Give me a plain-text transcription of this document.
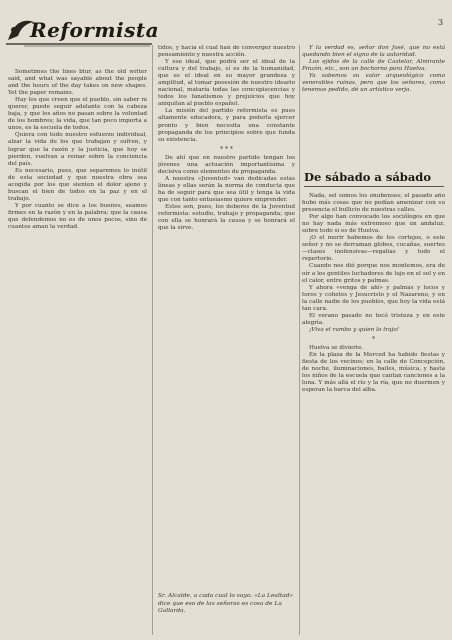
Reformista	3

Sometimes the lines blur, as the old writer said, and what was sayable about the people and the hours of the day takes on new shapes. Yet the paper remains.

Hay los que creen que el pueblo, sin saber ni querer, puede seguir adelante con la cabeza baja, y que los años no pasan sobre la voluntad de los hombres; la vida, que tan poco importa a unos, es la escuela de todos.

Quiera con todo nuestro esfuerzo individual, alzar la vida de los que trabajan y sufren, y lograr que la razón y la justicia, que hoy se pierden, vuelvan a reinar sobre la conciencia del país.

Es necesario, pues, que separemos lo inútil de esta sociedad y que nuestra obra sea acogida por los que sienten el dolor ajeno y buscan el bien de todos en la paz y en el trabajo.

Y por cuanto se dice a los buenos, seamos firmes en la razón y en la palabra; que la causa que defendemos no es de unos pocos, sino de cuantos aman la verdad.

tidos, y hacía el cual han de converger nuestro pensamiento y nuestra acción.

Y ese ideal, que podrá ser el ideal de la cultura y del trabajo, sí es de la humanidad, que es el ideal en su mayor grandeza y amplitud, al tomar posesión de nuestro ideario nacional, mataría todas las concupiscencias y todos los fanatismos y prejuicios que hoy aniquilan al pueblo español.

La misión del partido reformista es pues altamente educadora, y para poderla ejercer pronto y bien necesita una constante propaganda de los principios sobre que funda su existencia.

* * *

De ahí que en nuestro partido tengan los jóvenes una actuación importantísima y decisiva como elementos de propaganda.

A nuestra «Juventud» van dedicadas estas líneas y ellas serán la norma de conducta que ha de seguir para que sea útil y tenga la vida que con tanto entusiasmo quiere emprender.

Estos son, pues, los deberes de la Juventud reformista: estudio, trabajo y propaganda; que con ella se honrará la causa y se honrará el que la sirve.

Sr. Alcalde, a cada cual lo suyo. «La Lealtad» dice que eso de las señoras es cosa de La Gallarda.

Y la verdad es, señor don José, que no está quedando bien el signo de la autoridad.

Los ejidos de la calle de Castelar, Almirante Pinzón, etc., son un bochorno para Huelva.

Ya sabemos su valor arqueológico como venerables ruinas, pero que los señores, como tenemos pedido, dé un artístico verja.

De sábado a sábado

Nada, sel somos los onubenses; el pasado año hubo más cosas que no podían amenizar con su presencia el bullicio de nuestras calles.

Por algo han convocado los sociólogos en que no hay nada más extremoso que un andaluz, sobre todo si es de Huelva.

¡O el morir habemos de los cortejos, o este señor y no se derraman globos, cucañas, suertes—clases inofensivas—regalias y todo el repertorio.

Cuando nos dió porque nos montemos, era de oír a los gentiles luchadores de lujo en el sol y en el calor, entre gritos y palmas.

Y ahora «venga de ahí» y palmas y locos y toros y cohetes y Jesucristo y el Nazareno, y en la calle nadie de los pueblos, que hoy la vida está tan cara.

El verano pasado no tocó tristeza y en este alegría.

¡Viva el rumbo y quien lo trajo!

*

Huelva se divierte.

En la plaza de la Merced ha habido fiestas y fiesta de los vecinos; en la calle de Concepción, de noche, iluminaciones, bailes, música, y hasta los niños de la escuela que cantan canciones a la luna. Y más allá el río y la ría, que no duermen y esperan la barca del alba.
